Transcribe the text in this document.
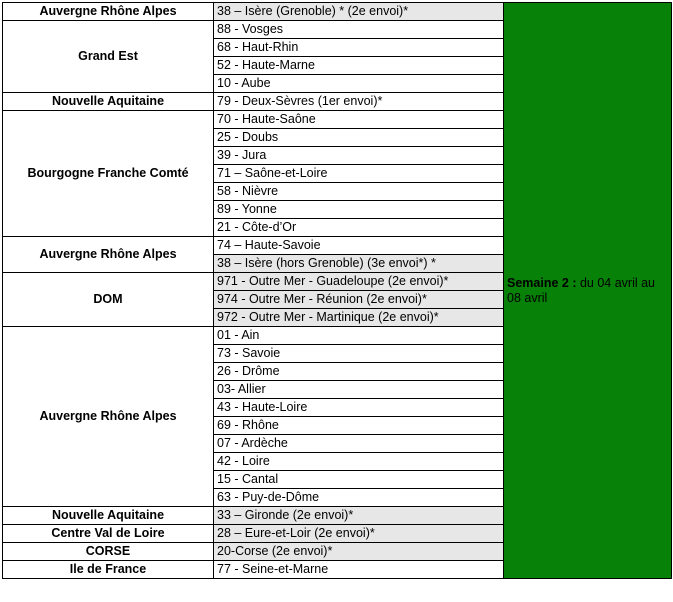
Auvergne Rhône Alpes	38 – Isère (Grenoble) * (2e envoi)*	Semaine 2 : du 04 avril au 08 avril
Grand Est	88 - Vosges	
	68 - Haut-Rhin	
	52 - Haute-Marne	
	10 - Aube	
Nouvelle Aquitaine	79 - Deux-Sèvres (1er envoi)*	
Bourgogne Franche Comté	70 - Haute-Saône	
	25 - Doubs	
	39 - Jura	
	71 – Saône-et-Loire	
	58 - Nièvre	
	89 - Yonne	
	21 - Côte-d’Or	
Auvergne Rhône Alpes	74 – Haute-Savoie	
	38 – Isère (hors Grenoble) (3e envoi*) *	
DOM	971 - Outre Mer - Guadeloupe (2e envoi)*	
	974 - Outre Mer - Réunion (2e envoi)*	
	972 - Outre Mer - Martinique (2e envoi)*	
Auvergne Rhône Alpes	01 - Ain	
	73 - Savoie	
	26 - Drôme	
	03- Allier	
	43 - Haute-Loire	
	69 - Rhône	
	07 - Ardèche	
	42 - Loire	
	15 - Cantal	
	63 - Puy-de-Dôme	
Nouvelle Aquitaine	33 – Gironde (2e envoi)*	
Centre Val de Loire	28 – Eure-et-Loir (2e envoi)*	
CORSE	20-Corse (2e envoi)*	
Ile de France	77 - Seine-et-Marne	
